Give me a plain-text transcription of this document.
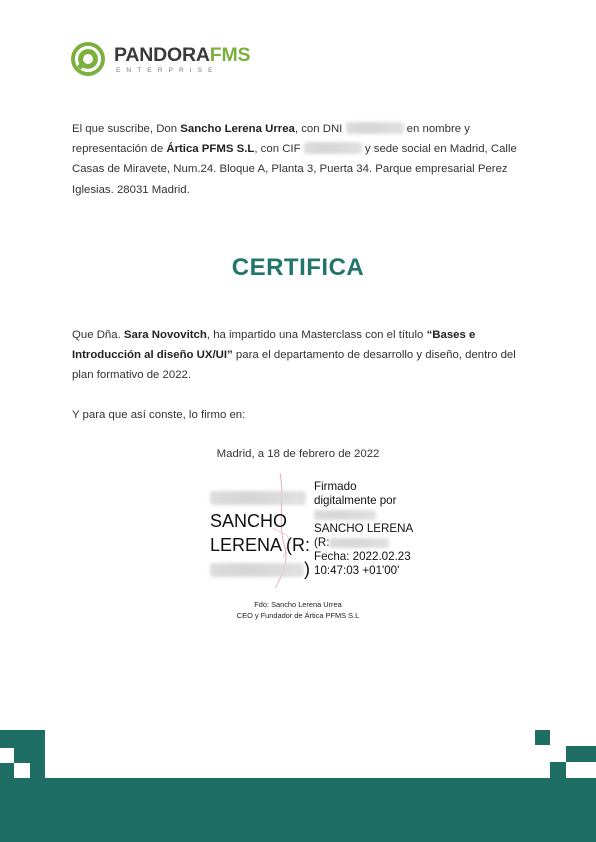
PANDORAFMS
ENTERPRISE
El que suscribe, Don Sancho Lerena Urrea, con DNI	en nombre y representación de Ártica PFMS S.L, con CIF	y sede social en Madrid, Calle Casas de Miravete, Num.24. Bloque A, Planta 3, Puerta 34. Parque empresarial Perez Iglesias. 28031 Madrid.
CERTIFICA
Que Dña. Sara Novovitch, ha impartido una Masterclass con el título “Bases e Introducción al diseño UX/UI” para el departamento de desarrollo y diseño, dentro del plan formativo de 2022.
Y para que así conste, lo firmo en:
Madrid, a 18 de febrero de 2022
SANCHO
LERENA (R:
)
Firmado
digitalmente por
SANCHO LERENA
(R:
Fecha: 2022.02.23
10:47:03 +01'00'
Fdo: Sancho Lerena Urrea
CEO y Fundador de Ártica PFMS S.L
